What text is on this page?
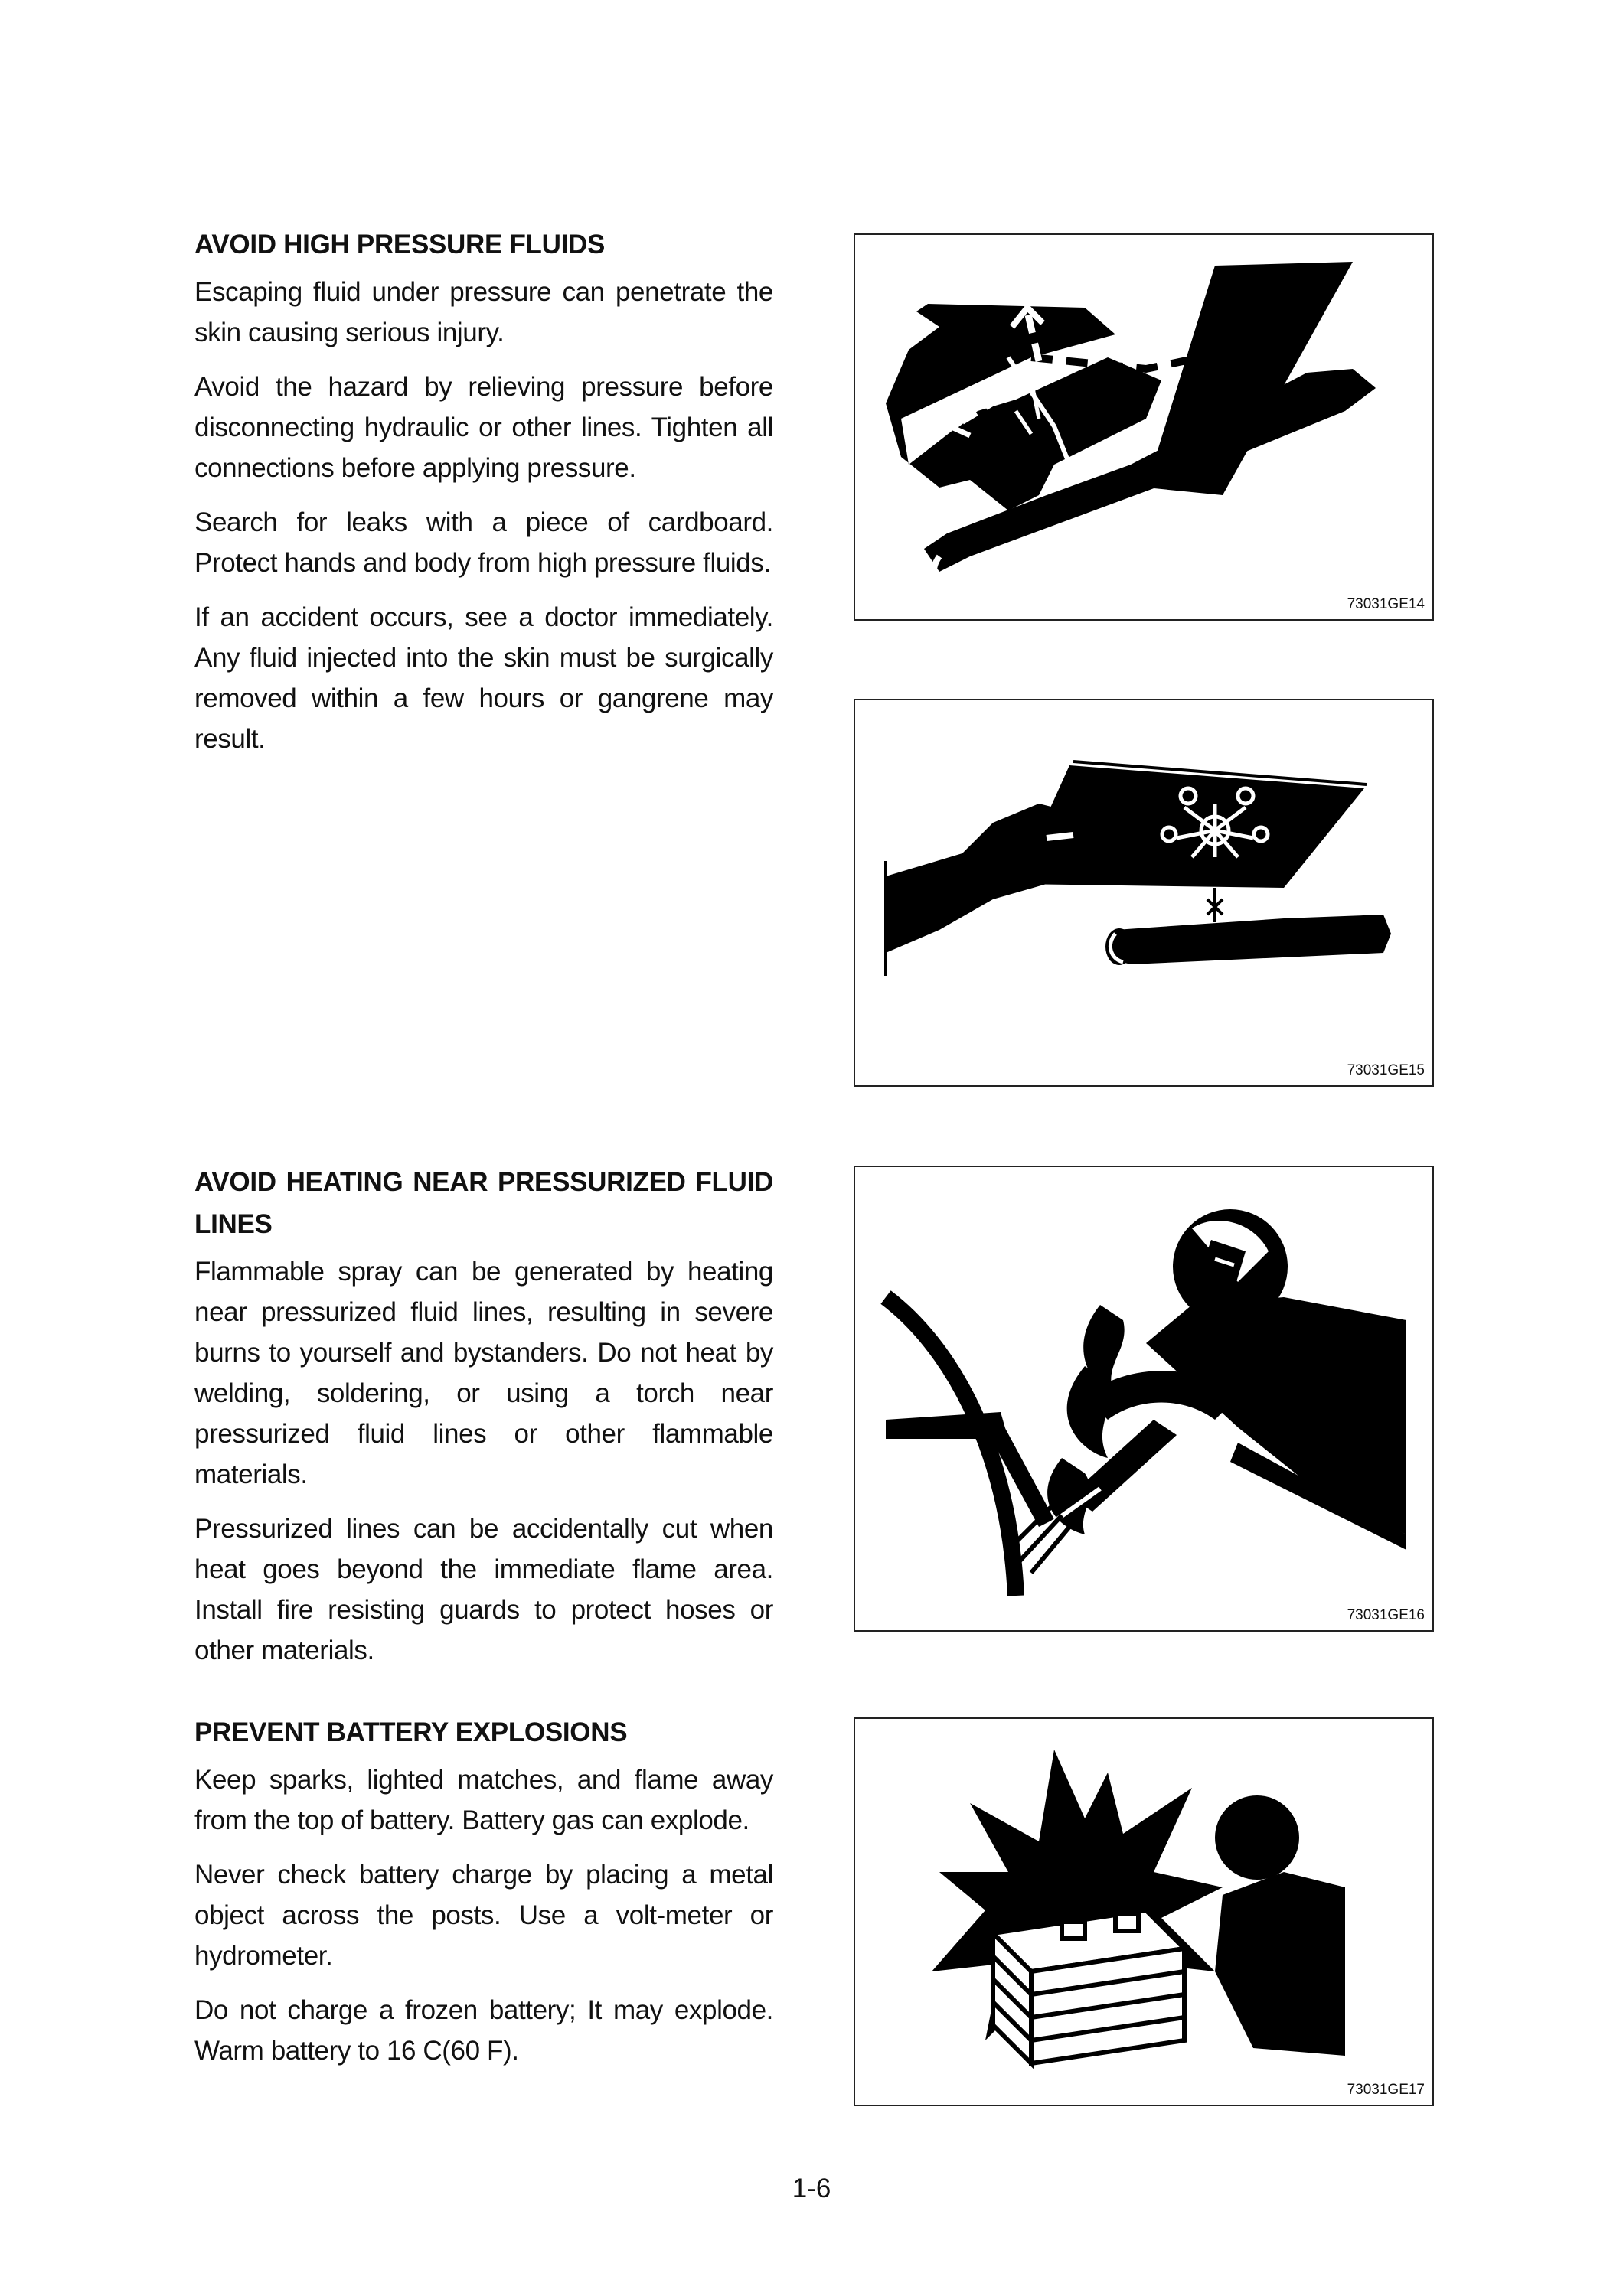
AVOID HIGH PRESSURE FLUIDS

Escaping fluid under pressure can penetrate the skin causing serious injury.

Avoid the hazard by relieving pressure before disconnecting hydraulic or other lines. Tighten all connections before applying pressure.

Search for leaks with a piece of cardboard. Protect hands and body from high pressure fluids.

If an accident occurs, see a doctor immediately. Any fluid injected into the skin must be surgically removed within a few hours or gangrene may result.

AVOID HEATING NEAR PRESSURIZED FLUID LINES

Flammable spray can be generated by heating near pressurized fluid lines, resulting in severe burns to yourself and bystanders. Do not heat by welding, soldering, or using a torch near pressurized fluid lines or other flammable materials.

Pressurized lines can be accidentally cut when heat goes beyond the immediate flame area. Install fire resisting guards to protect hoses or other materials.

PREVENT BATTERY EXPLOSIONS

Keep sparks, lighted matches, and flame away from the top of battery. Battery gas can explode.

Never check battery charge by placing a metal object across the posts. Use a volt-meter or hydrometer.

Do not charge a frozen battery; It may explode. Warm battery to 16 C(60 F).

73031GE14
73031GE15
73031GE16
73031GE17
1-6
